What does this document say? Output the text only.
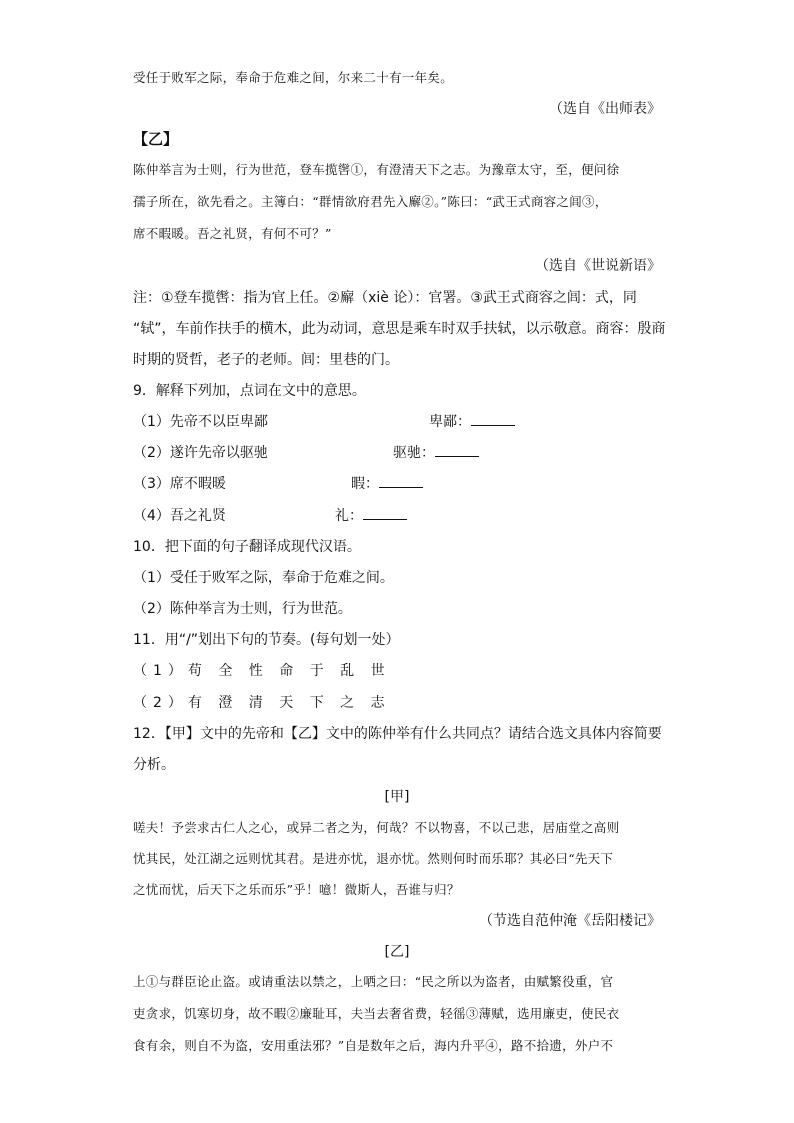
受任于败军之际，奉命于危难之间，尔来二十有一年矣。
（选自《出师表》
【乙】
陈仲举言为士则，行为世范，登车揽辔①，有澄清天下之志。为豫章太守，至，便问徐
孺子所在，欲先看之。主簿白：“群情欲府君先入廨②。”陈曰：“武王式商容之闾③，
席不暇暖。吾之礼贤，有何不可？”
（选自《世说新语》
注：①登车揽辔：指为官上任。②廨（xiè 论）：官署。③武王式商容之闾：式，同
“轼”，车前作扶手的横木，此为动词，意思是乘车时双手扶轼，以示敬意。商容：殷商
时期的贤哲，老子的老师。闾：里巷的门。
9．解释下列加，点词在文中的意思。
（1）先帝不以臣卑鄙	卑鄙：
（2）遂许先帝以驱驰	驱驰：
（3）席不暇暖	暇：
（4）吾之礼贤	礼：
10．把下面的句子翻译成现代汉语。
（1）受任于败军之际，奉命于危难之间。
（2）陈仲举言为士则，行为世范。
11．用“/”划出下句的节奏。(每句划一处）
（1）苟 全 性 命 于 乱 世
（2）有 澄 清 天 下 之 志
12．【甲】文中的先帝和【乙】文中的陈仲举有什么共同点？请结合选文具体内容简要
分析。
[甲]
嗟夫！予尝求古仁人之心，或异二者之为，何哉？不以物喜，不以己悲，居庙堂之高则
忧其民，处江湖之远则忧其君。是进亦忧，退亦忧。然则何时而乐耶？其必曰“先天下
之忧而忧，后天下之乐而乐”乎！噫！微斯人，吾谁与归？
（节选自范仲淹《岳阳楼记》
[乙]
上①与群臣论止盗。或请重法以禁之，上哂之曰：“民之所以为盗者，由赋繁役重，官
吏贪求，饥寒切身，故不暇②廉耻耳，夫当去奢省费，轻徭③薄赋，选用廉吏，使民衣
食有余，则自不为盗，安用重法邪？”自是数年之后，海内升平④，路不拾遗，外户不
